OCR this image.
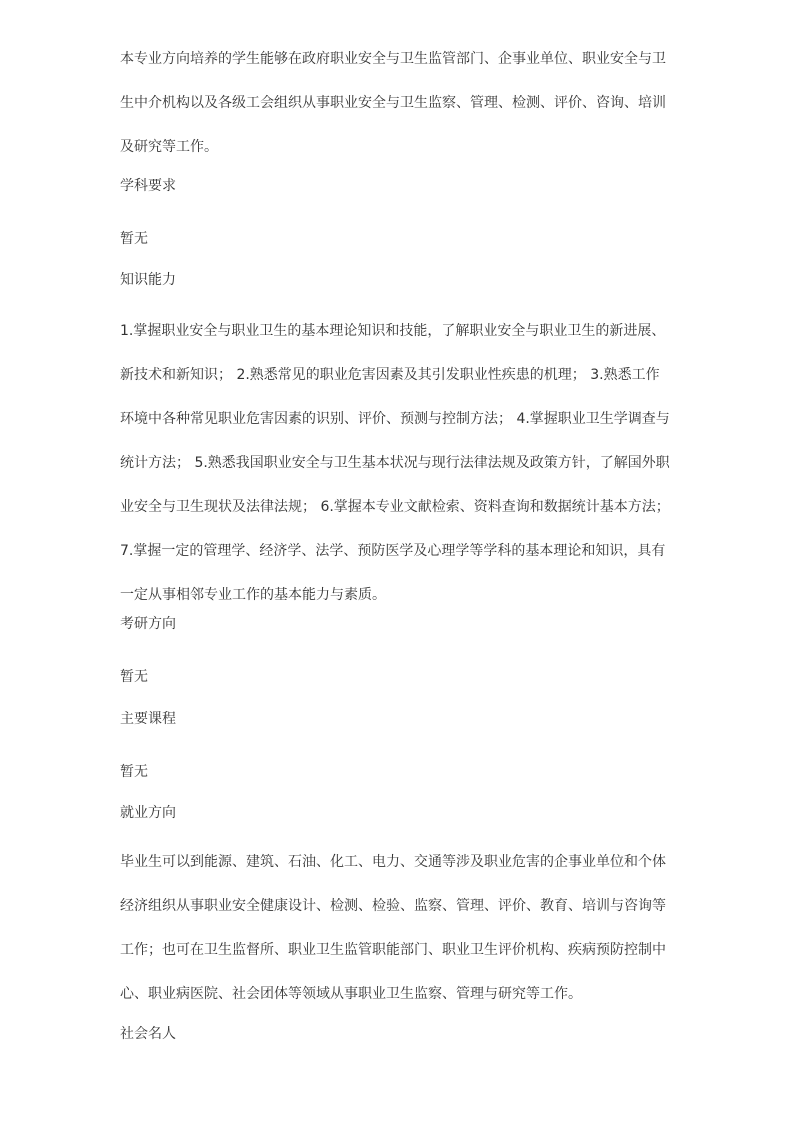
本专业方向培养的学生能够在政府职业安全与卫生监管部门、企事业单位、职业安全与卫
生中介机构以及各级工会组织从事职业安全与卫生监察、管理、检测、评价、咨询、培训
及研究等工作。
学科要求

暂无

知识能力
1.掌握职业安全与职业卫生的基本理论知识和技能，了解职业安全与职业卫生的新进展、
新技术和新知识； 2.熟悉常见的职业危害因素及其引发职业性疾患的机理； 3.熟悉工作
环境中各种常见职业危害因素的识别、评价、预测与控制方法； 4.掌握职业卫生学调查与
统计方法； 5.熟悉我国职业安全与卫生基本状况与现行法律法规及政策方针，了解国外职
业安全与卫生现状及法律法规； 6.掌握本专业文献检索、资料查询和数据统计基本方法；
7.掌握一定的管理学、经济学、法学、预防医学及心理学等学科的基本理论和知识，具有
一定从事相邻专业工作的基本能力与素质。
考研方向

暂无

主要课程

暂无

就业方向
毕业生可以到能源、建筑、石油、化工、电力、交通等涉及职业危害的企事业单位和个体
经济组织从事职业安全健康设计、检测、检验、监察、管理、评价、教育、培训与咨询等
工作；也可在卫生监督所、职业卫生监管职能部门、职业卫生评价机构、疾病预防控制中
心、职业病医院、社会团体等领域从事职业卫生监察、管理与研究等工作。
社会名人
